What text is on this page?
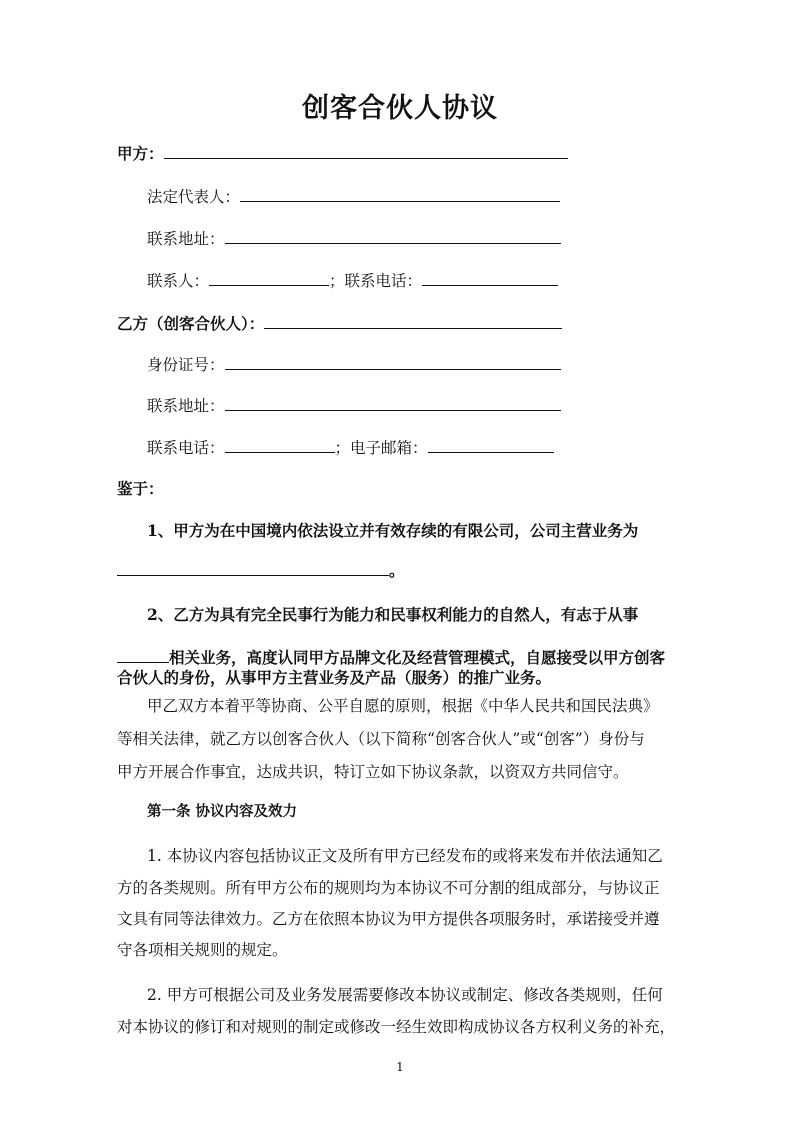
创客合伙人协议
甲方：
法定代表人：
联系地址：
联系人：	；联系电话：
乙方（创客合伙人）：
身份证号：
联系地址：
联系电话：	；电子邮箱：
鉴于：
1、甲方为在中国境内依法设立并有效存续的有限公司，公司主营业务为
。
2、乙方为具有完全民事行为能力和民事权利能力的自然人，有志于从事
相关业务，高度认同甲方品牌文化及经营管理模式，自愿接受以甲方创客
合伙人的身份，从事甲方主营业务及产品（服务）的推广业务。
甲乙双方本着平等协商、公平自愿的原则，根据《中华人民共和国民法典》
等相关法律，就乙方以创客合伙人（以下简称“创客合伙人”或“创客”）身份与
甲方开展合作事宜，达成共识，特订立如下协议条款，以资双方共同信守。
第一条 协议内容及效力
1. 本协议内容包括协议正文及所有甲方已经发布的或将来发布并依法通知乙
方的各类规则。所有甲方公布的规则均为本协议不可分割的组成部分，与协议正
文具有同等法律效力。乙方在依照本协议为甲方提供各项服务时，承诺接受并遵
守各项相关规则的规定。
2. 甲方可根据公司及业务发展需要修改本协议或制定、修改各类规则，任何
对本协议的修订和对规则的制定或修改一经生效即构成协议各方权利义务的补充，
1
